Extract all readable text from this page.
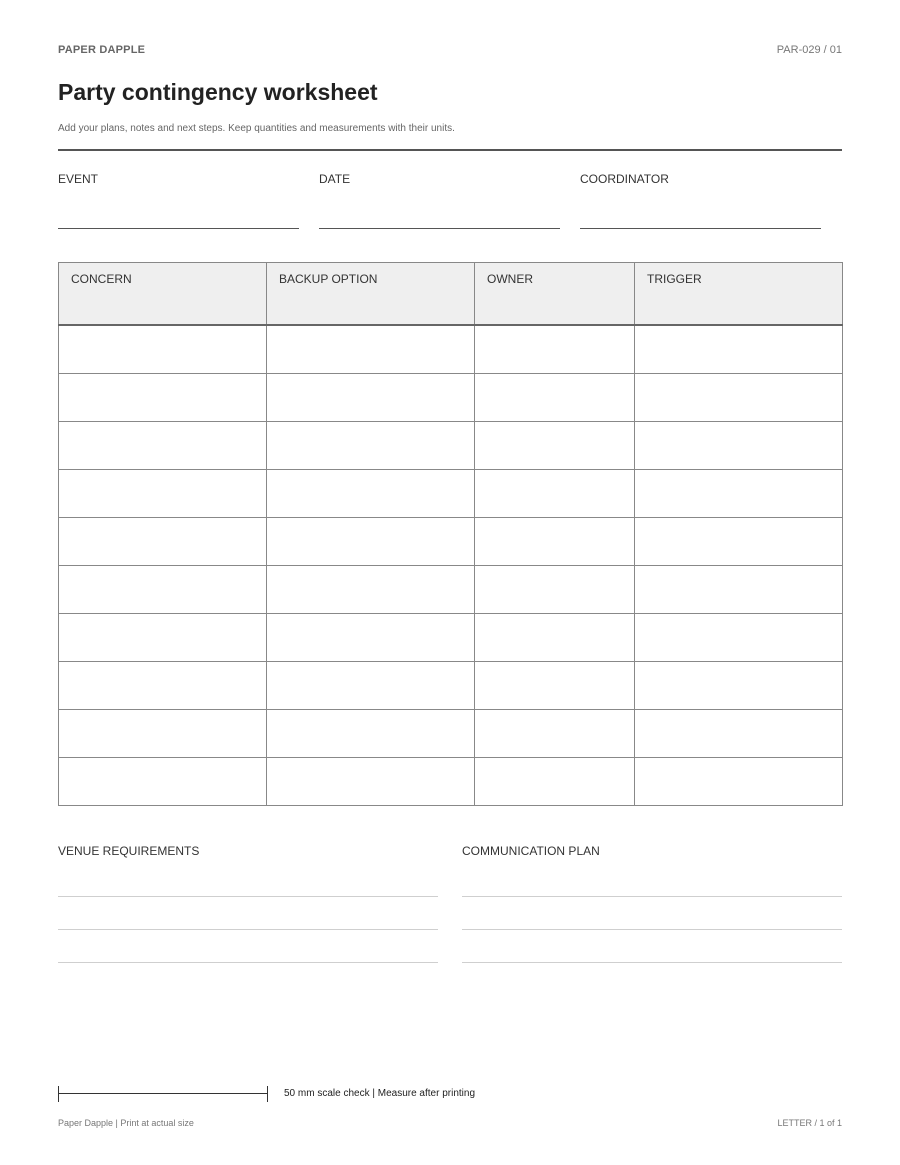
PAPER DAPPLE	PAR-029 / 01
Party contingency worksheet
Add your plans, notes and next steps. Keep quantities and measurements with their units.
EVENT	DATE	COORDINATOR
CONCERN	BACKUP OPTION	OWNER	TRIGGER

VENUE REQUIREMENTS	COMMUNICATION PLAN
50 mm scale check | Measure after printing
Paper Dapple | Print at actual size	LETTER / 1 of 1
